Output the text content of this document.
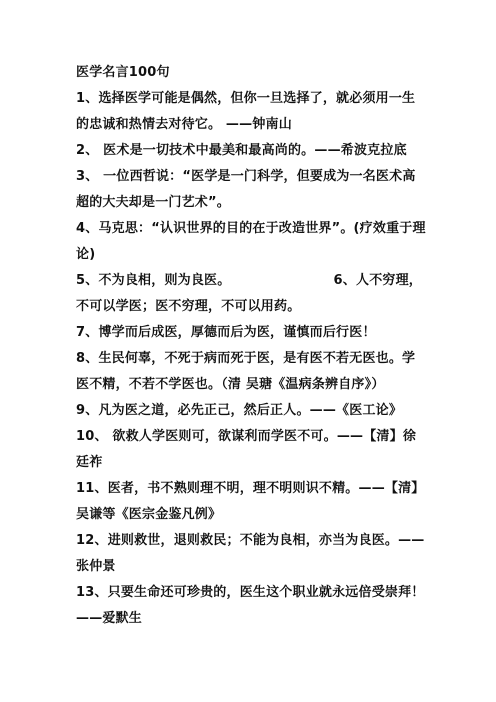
医学名言100句
1、选择医学可能是偶然，但你一旦选择了，就必须用一生
的忠诚和热情去对待它。 ——钟南山
2、 医术是一切技术中最美和最高尚的。——希波克拉底
3、 一位西哲说：“医学是一门科学，但要成为一名医术高
超的大夫却是一门艺术”。
4、马克思：“认识世界的目的在于改造世界”。(疗效重于理
论)
5、不为良相，则为良医。	6、人不穷理，
不可以学医；医不穷理，不可以用药。
7、博学而后成医，厚德而后为医，谨慎而后行医！
8、生民何辜，不死于病而死于医，是有医不若无医也。学
医不精，不若不学医也。（清 吴瑭《温病条辨自序》）
9、凡为医之道，必先正己，然后正人。——《医工论》
10、 欲救人学医则可，欲谋利而学医不可。——【清】徐
廷祚
11、医者，书不熟则理不明，理不明则识不精。——【清】
吴谦等《医宗金鉴凡例》
12、进则救世，退则救民；不能为良相，亦当为良医。——
张仲景
13、只要生命还可珍贵的，医生这个职业就永远倍受崇拜！
——爱默生
